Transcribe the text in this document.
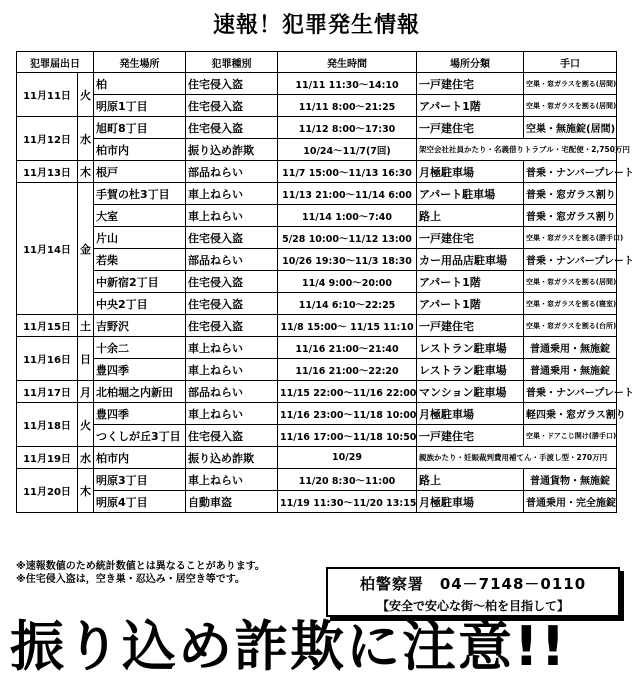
速報！犯罪発生情報
犯罪届出日		発生場所	犯罪種別	発生時間	場所分類	手口
11月11日	火	柏	住宅侵入盗	11/11 11:30～14:10	一戸建住宅	空巣・窓ガラスを割る(居間)
		明原1丁目	住宅侵入盗	11/11 8:00～21:25	アパート1階	空巣・窓ガラスを割る(居間)
11月12日	水	旭町8丁目	住宅侵入盗	11/12 8:00～17:30	一戸建住宅	空巣・無施錠(居間)
		柏市内	振り込め詐欺	10/24～11/7(7回)	架空会社社員かたり・名義借りトラブル・宅配便・2,750万円	
11月13日	木	根戸	部品ねらい	11/7 15:00～11/13 16:30	月極駐車場	普乗・ナンバープレート
11月14日	金	手賀の杜3丁目	車上ねらい	11/13 21:00～11/14 6:00	アパート駐車場	普乗・窓ガラス割り
		大室	車上ねらい	11/14 1:00～7:40	路上	普乗・窓ガラス割り
		片山	住宅侵入盗	5/28 10:00～11/12 13:00	一戸建住宅	空巣・窓ガラスを割る(勝手口)
		若柴	部品ねらい	10/26 19:30～11/3 18:30	カー用品店駐車場	普乗・ナンバープレート
		中新宿2丁目	住宅侵入盗	11/4 9:00～20:00	アパート1階	空巣・窓ガラスを割る(居間)
		中央2丁目	住宅侵入盗	11/14 6:10～22:25	アパート1階	空巣・窓ガラスを割る(寝室)
11月15日	土	吉野沢	住宅侵入盗	11/8 15:00～ 11/15 11:10	一戸建住宅	空巣・窓ガラスを割る(台所)
11月16日	日	十余二	車上ねらい	11/16 21:00～21:40	レストラン駐車場	普通乗用・無施錠
		豊四季	車上ねらい	11/16 21:00～22:20	レストラン駐車場	普通乗用・無施錠
11月17日	月	北柏堀之内新田	部品ねらい	11/15 22:00～11/16 22:00	マンション駐車場	普乗・ナンバープレート
11月18日	火	豊四季	車上ねらい	11/16 23:00～11/18 10:00	月極駐車場	軽四乗・窓ガラス割り
		つくしが丘3丁目	住宅侵入盗	11/16 17:00～11/18 10:50	一戸建住宅	空巣・ドアこじ開け(勝手口)
11月19日	水	柏市内	振り込め詐欺	10/29	親族かたり・妊娠裁判費用補てん・手渡し型・270万円	
11月20日	木	明原3丁目	車上ねらい	11/20 8:30～11:00	路上	普通貨物・無施錠
		明原4丁目	自動車盗	11/19 11:30～11/20 13:15	月極駐車場	普通乗用・完全施錠
※速報数値のため統計数値とは異なることがあります。
※住宅侵入盗は，空き巣・忍込み・居空き等です。	柏警察署　04－7148－0110
【安全で安心な街～柏を目指して】
振り込め詐欺に注意!!
